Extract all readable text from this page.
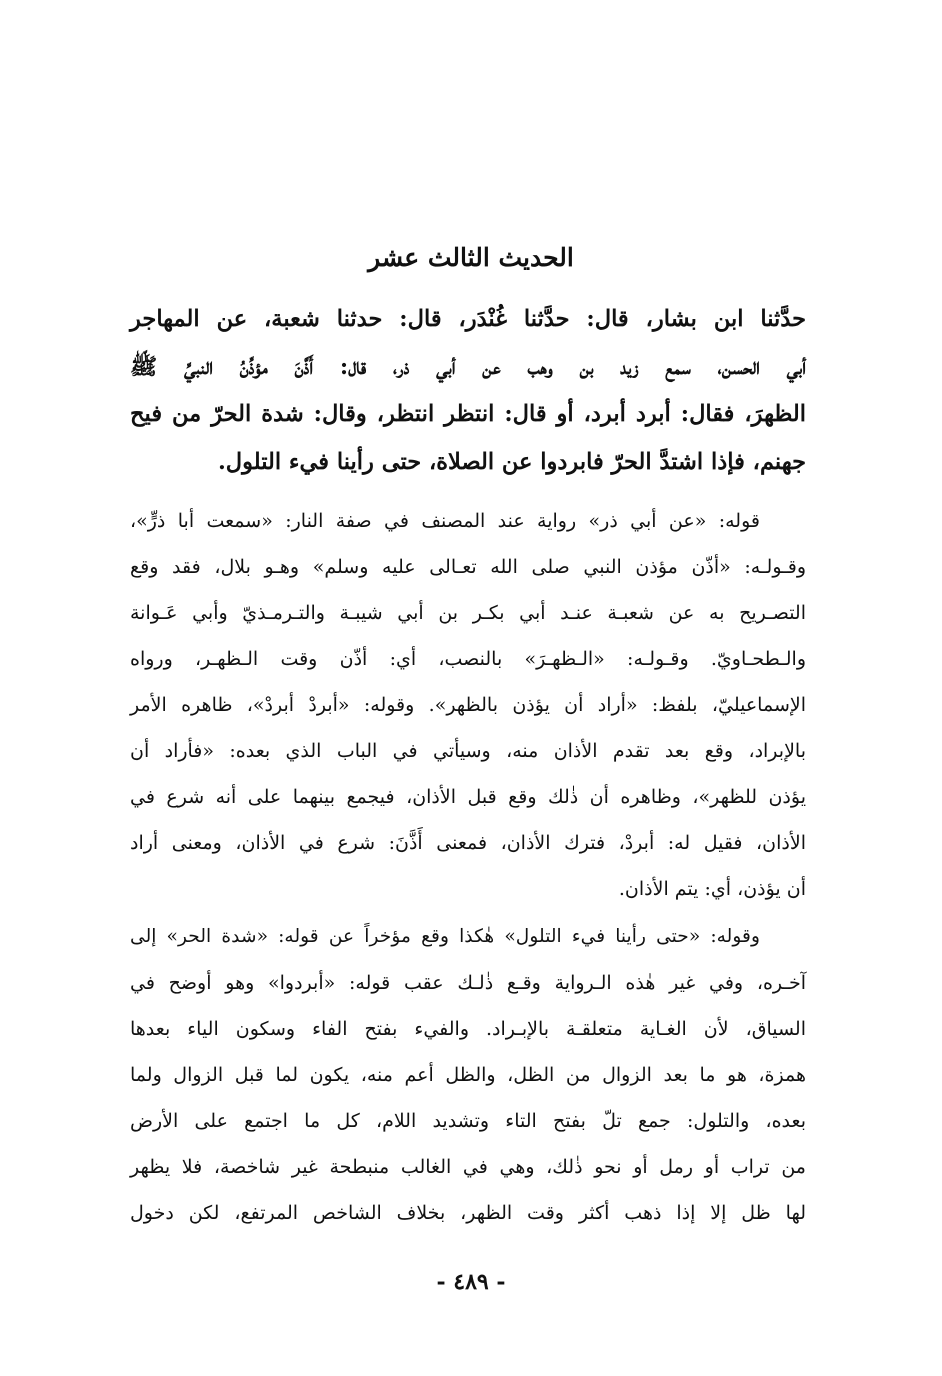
الحديث الثالث عشر
حدَّثنا ابن بشار، قال: حدَّثنا غُنْدَر، قال: حدثنا شعبة، عن المهاجر
أبي الحسن، سمع زيد بن وهب عن أبي ذر، قال: أَذَّنَ مؤذِّنُ النبيِّ ﷺ
الظهرَ، فقال: أبرد أبرد، أو قال: انتظر انتظر، وقال: شدة الحرّ من فيح
جهنم، فإذا اشتدَّ الحرّ فابردوا عن الصلاة، حتى رأينا فيء التلول.
قوله: «عن أبي ذر» رواية عند المصنف في صفة النار: «سمعت أبا ذرٍّ»،
وقـولـه: «أذّن مؤذن النبي صلى الله تعـالى عليه وسلم» وهـو بلال، فقد وقع
التصـريح به عن شعبـة عنـد أبي بكـر بن أبي شيبـة والتـرمـذيّ وأبي عَـوانة
والـطحـاويّ. وقـولـه: «الـظهـرَ» بالنصب، أي: أذّن وقت الـظهـر، ورواه
الإسماعيليّ، بلفظ: «أراد أن يؤذن بالظهر». وقوله: «أبردْ أبردْ»، ظاهره الأمر
بالإبراد، وقع بعد تقدم الأذان منه، وسيأتي في الباب الذي بعده: «فأراد أن
يؤذن للظهر»، وظاهره أن ذٰلك وقع قبل الأذان، فيجمع بينهما على أنه شرع في
الأذان، فقيل له: أبردْ، فترك الأذان، فمعنى أَذَّنَ: شرع في الأذان، ومعنى أراد
أن يؤذن، أي: يتم الأذان.
وقوله: «حتى رأينا فيء التلول» هٰكذا وقع مؤخراً عن قوله: «شدة الحر» إلى
آخـره، وفي غير هٰذه الـرواية وقـع ذٰلـك عقب قوله: «أبردوا» وهو أوضح في
السياق، لأن الغـاية متعلقـة بالإبـراد. والفيء بفتح الفاء وسكون الياء بعدها
همزة، هو ما بعد الزوال من الظل، والظل أعم منه، يكون لما قبل الزوال ولما
بعده، والتلول: جمع تلّ بفتح التاء وتشديد اللام، كل ما اجتمع على الأرض
من تراب أو رمل أو نحو ذٰلك، وهي في الغالب منبطحة غير شاخصة، فلا يظهر
لها ظل إلا إذا ذهب أكثر وقت الظهر، بخلاف الشاخص المرتفع، لكن دخول
- ٤٨٩ -
